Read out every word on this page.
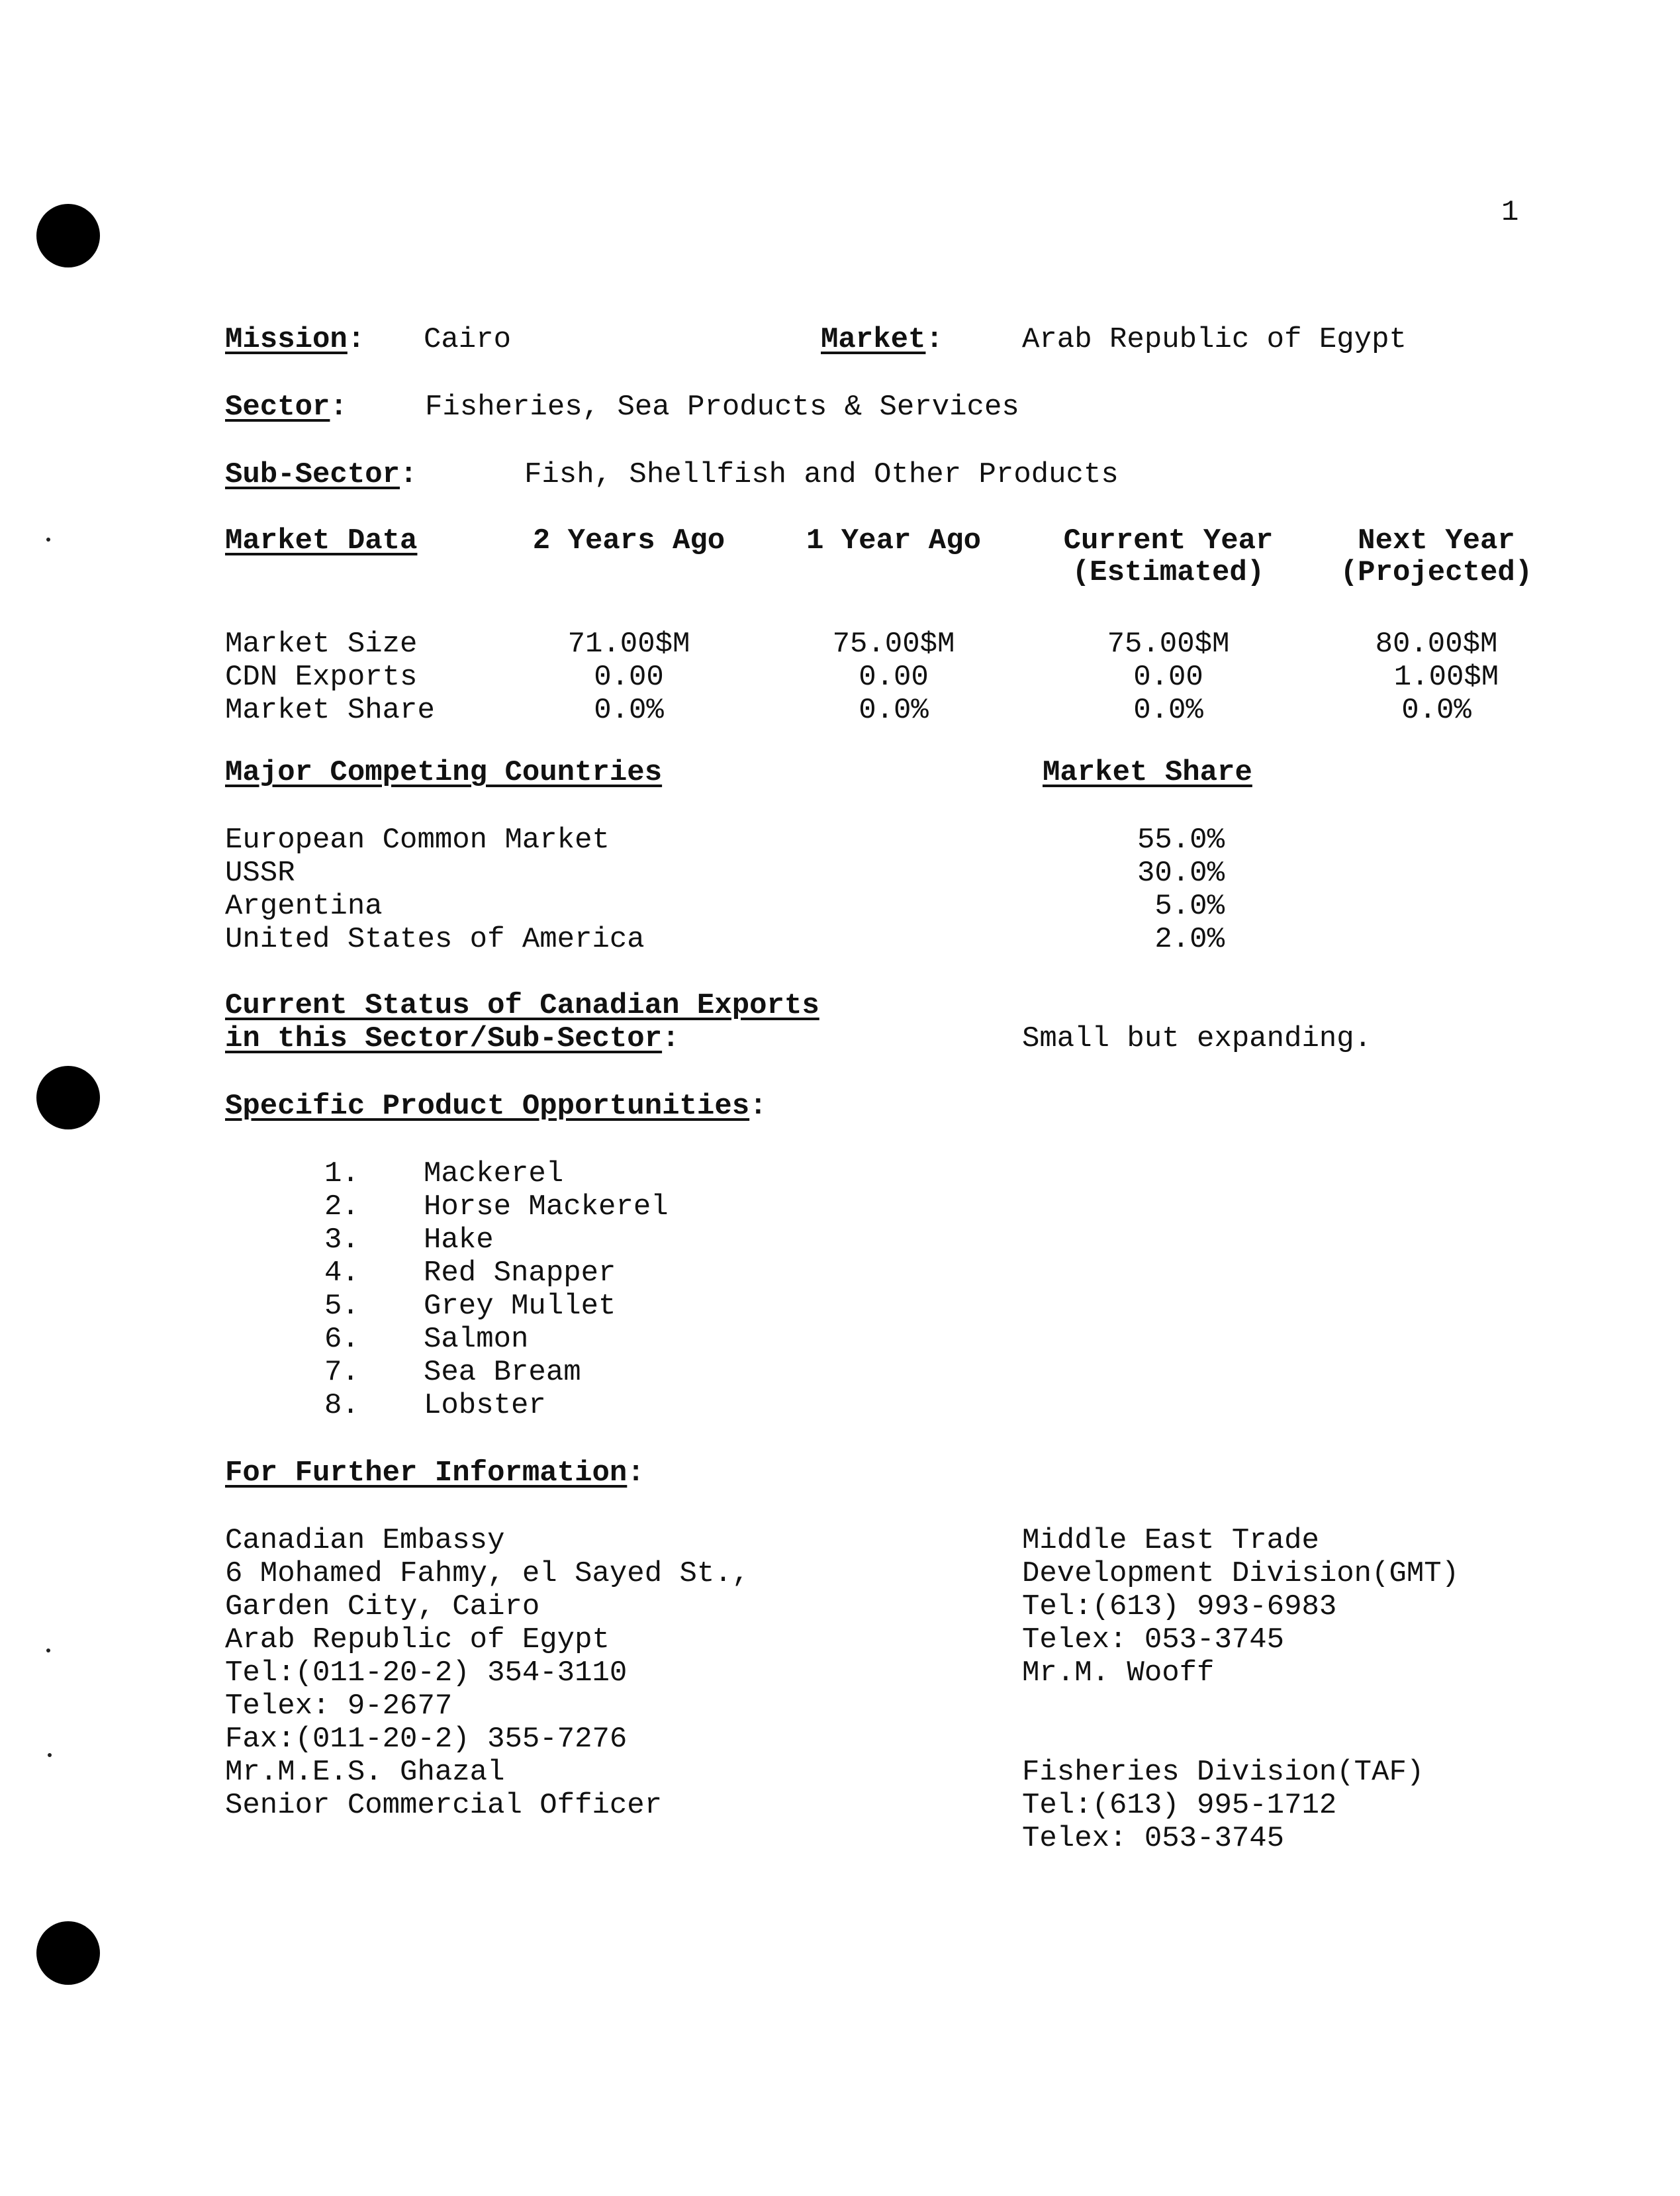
1
Mission: Cairo	Market:	Arab Republic of Egypt
Sector:	Fisheries, Sea Products & Services
Sub-Sector:	Fish, Shellfish and Other Products
Market Data	2 Years Ago	1 Year Ago	Current Year	Next Year
(Estimated)	(Projected)
Market Size	71.00$M	75.00$M	75.00$M	80.00$M
CDN Exports	0.00	0.00	0.00	1.00$M
Market Share	0.0%	0.0%	0.0%	0.0%
Major Competing Countries	Market Share
European Common Market	55.0%
USSR	30.0%
Argentina	5.0%
United States of America	2.0%
Current Status of Canadian Exports
in this Sector/Sub-Sector:	Small but expanding.
Specific Product Opportunities:
1. Mackerel
2. Horse Mackerel
3. Hake
4. Red Snapper
5. Grey Mullet
6. Salmon
7. Sea Bream
8. Lobster
For Further Information:
Canadian Embassy
6 Mohamed Fahmy, el Sayed St.,
Garden City, Cairo
Arab Republic of Egypt
Tel:(011-20-2) 354-3110
Telex: 9-2677
Fax:(011-20-2) 355-7276
Mr.M.E.S. Ghazal
Senior Commercial Officer
Middle East Trade
Development Division(GMT)
Tel:(613) 993-6983
Telex: 053-3745
Mr.M. Wooff
Fisheries Division(TAF)
Tel:(613) 995-1712
Telex: 053-3745
